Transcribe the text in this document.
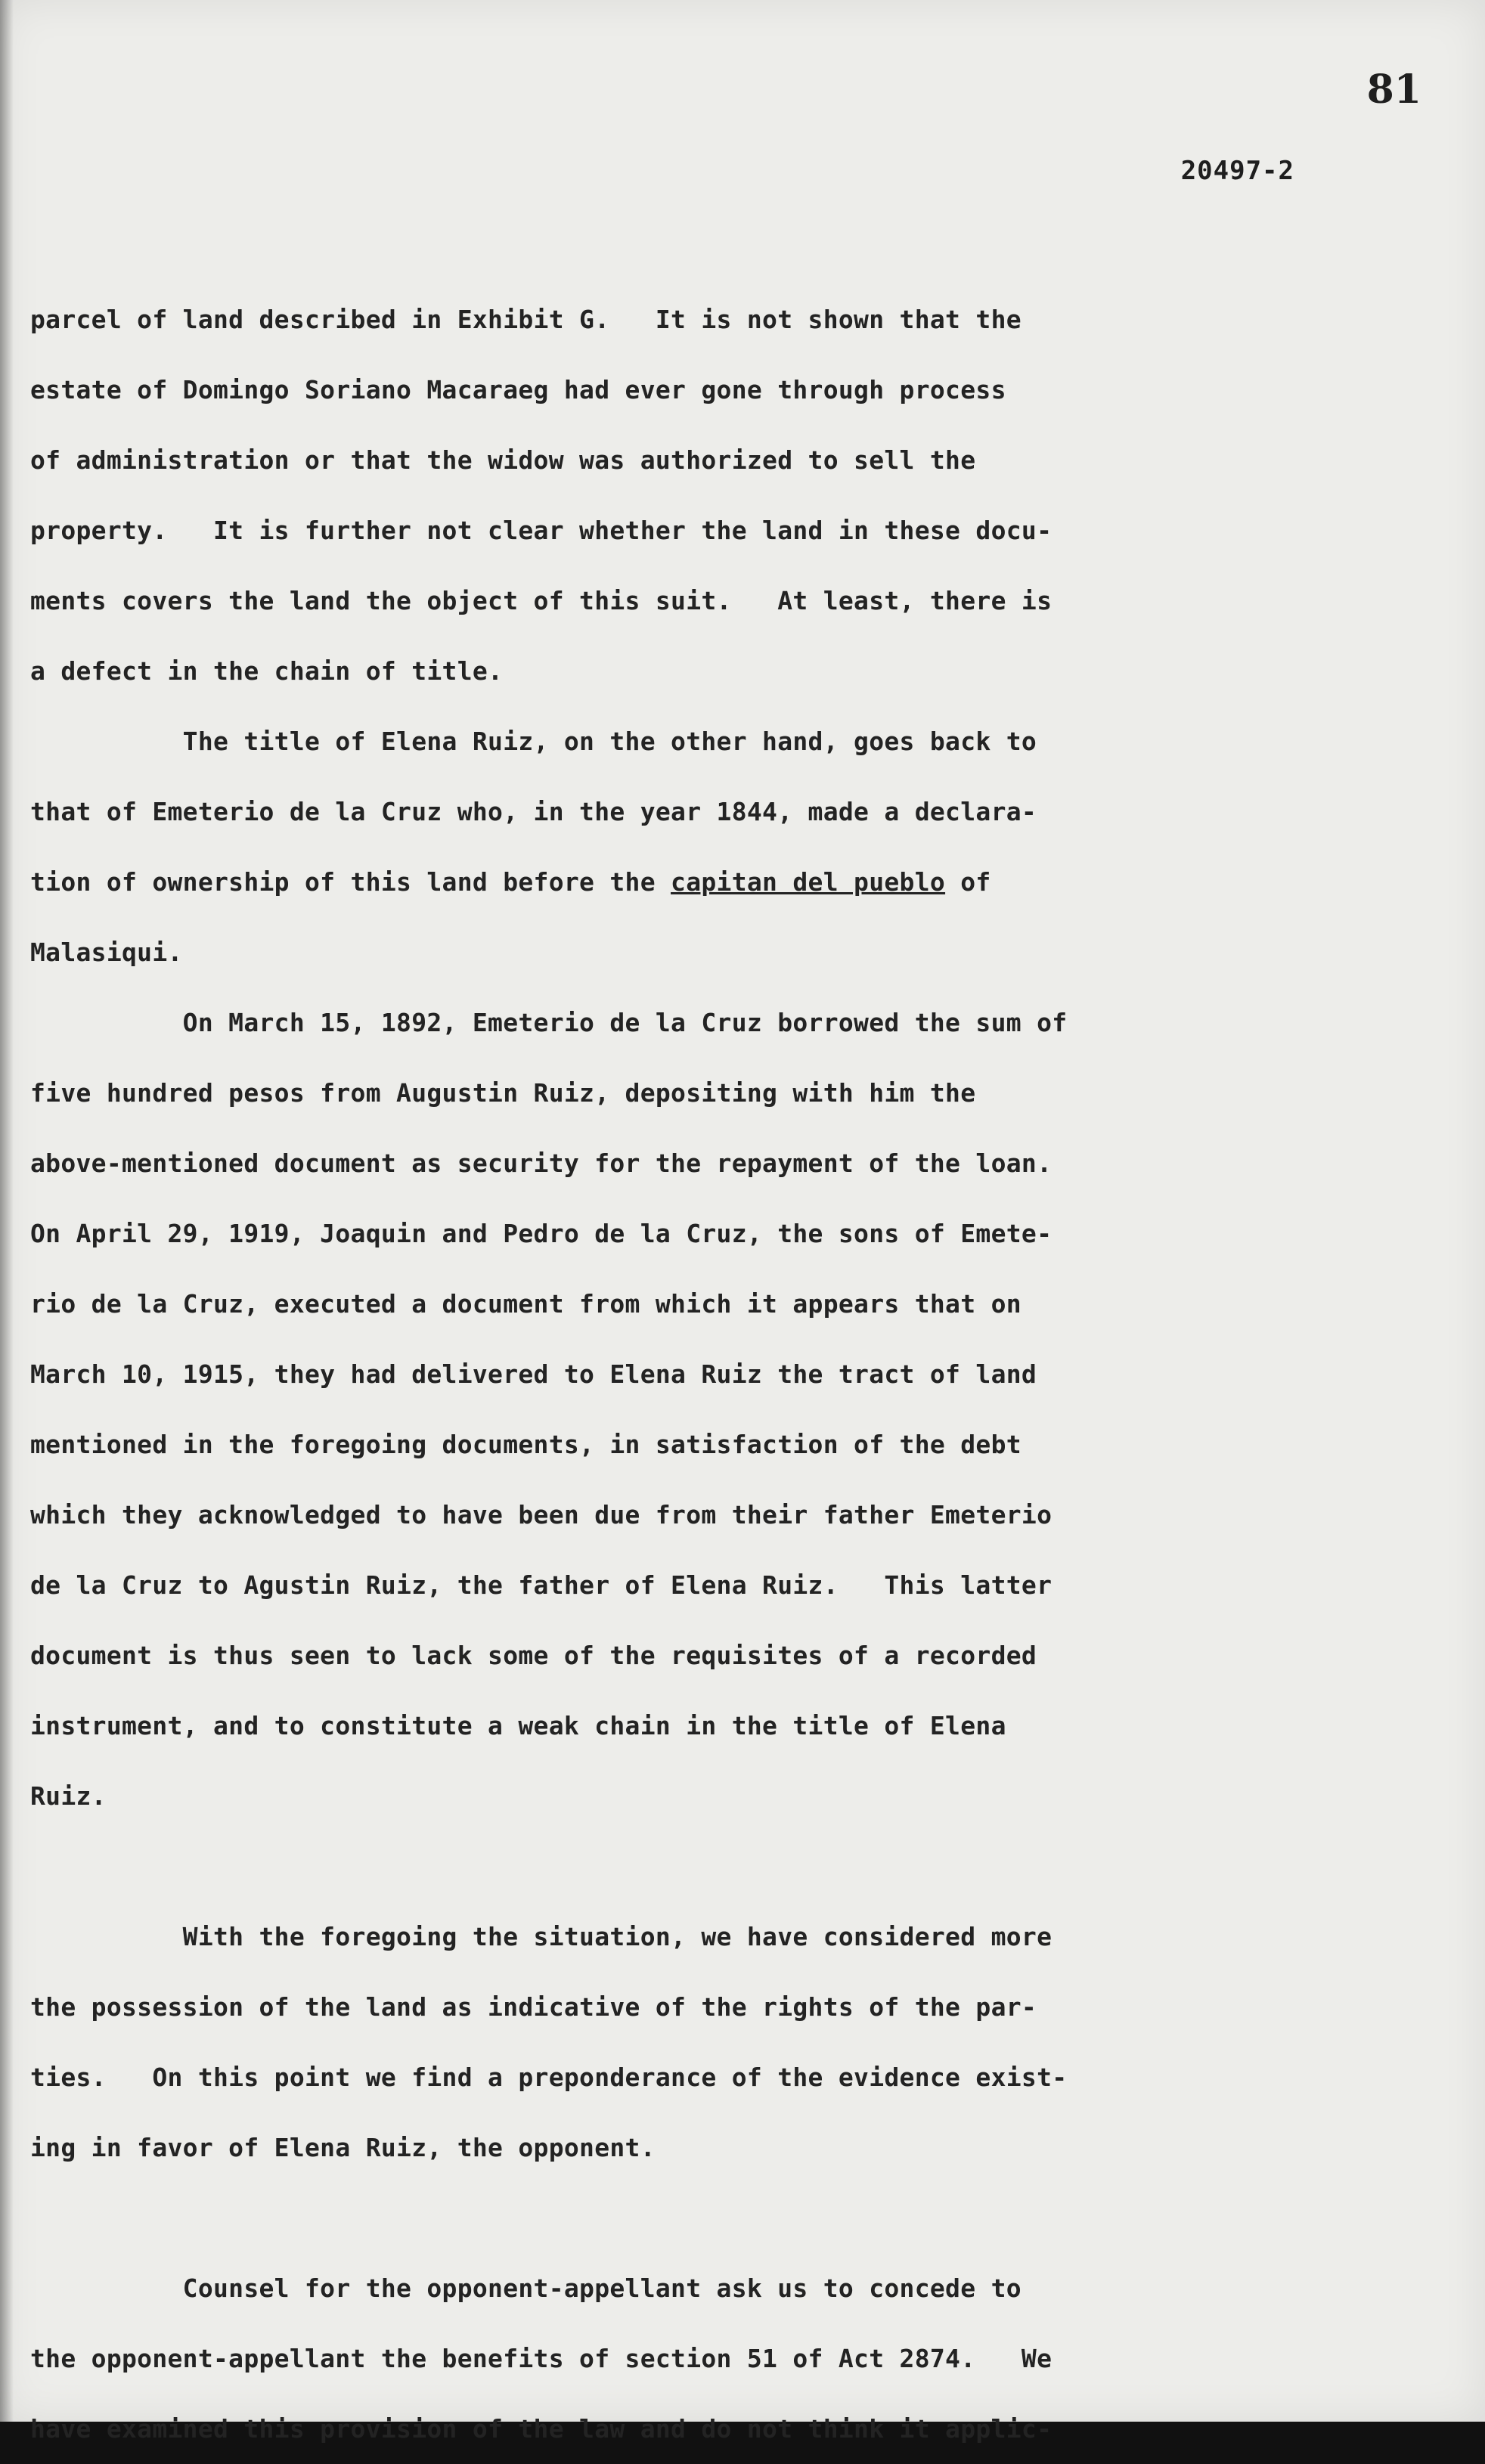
81
20497-2
parcel of land described in Exhibit G.   It is not shown that the
estate of Domingo Soriano Macaraeg had ever gone through process
of administration or that the widow was authorized to sell the
property.   It is further not clear whether the land in these docu-
ments covers the land the object of this suit.   At least, there is
a defect in the chain of title.
The title of Elena Ruiz, on the other hand, goes back to
that of Emeterio de la Cruz who, in the year 1844, made a declara-
tion of ownership of this land before the capitan del pueblo of
Malasiqui.
On March 15, 1892, Emeterio de la Cruz borrowed the sum of
five hundred pesos from Augustin Ruiz, depositing with him the
above-mentioned document as security for the repayment of the loan.
On April 29, 1919, Joaquin and Pedro de la Cruz, the sons of Emete-
rio de la Cruz, executed a document from which it appears that on
March 10, 1915, they had delivered to Elena Ruiz the tract of land
mentioned in the foregoing documents, in satisfaction of the debt
which they acknowledged to have been due from their father Emeterio
de la Cruz to Agustin Ruiz, the father of Elena Ruiz.   This latter
document is thus seen to lack some of the requisites of a recorded
instrument, and to constitute a weak chain in the title of Elena
Ruiz.
With the foregoing the situation, we have considered more
the possession of the land as indicative of the rights of the par-
ties.   On this point we find a preponderance of the evidence exist-
ing in favor of Elena Ruiz, the opponent.
Counsel for the opponent-appellant ask us to concede to
the opponent-appellant the benefits of section 51 of Act 2874.   We
have examined this provision of the law and do not think it applic-
